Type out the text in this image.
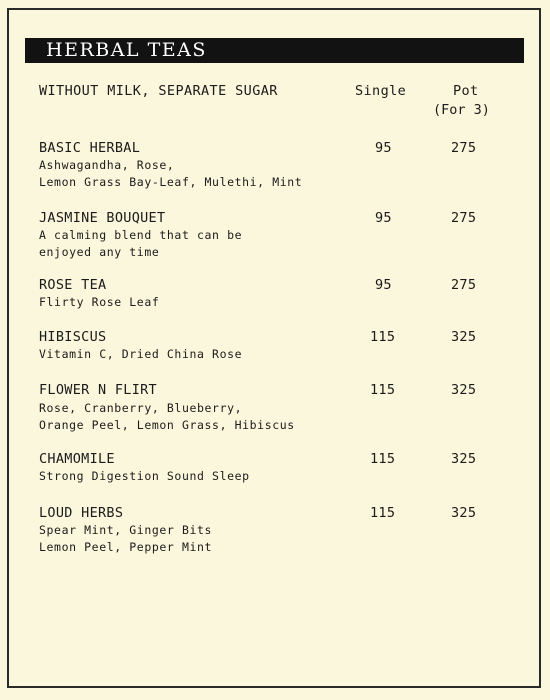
HERBAL TEAS
WITHOUT MILK, SEPARATE SUGAR	Single	Pot
(For 3)
BASIC HERBAL	95	275
Ashwagandha, Rose,
Lemon Grass Bay-Leaf, Mulethi, Mint
JASMINE BOUQUET	95	275
A calming blend that can be
enjoyed any time
ROSE TEA	95	275
Flirty Rose Leaf
HIBISCUS	115	325
Vitamin C, Dried China Rose
FLOWER N FLIRT	115	325
Rose, Cranberry, Blueberry,
Orange Peel, Lemon Grass, Hibiscus
CHAMOMILE	115	325
Strong Digestion Sound Sleep
LOUD HERBS	115	325
Spear Mint, Ginger Bits
Lemon Peel, Pepper Mint
